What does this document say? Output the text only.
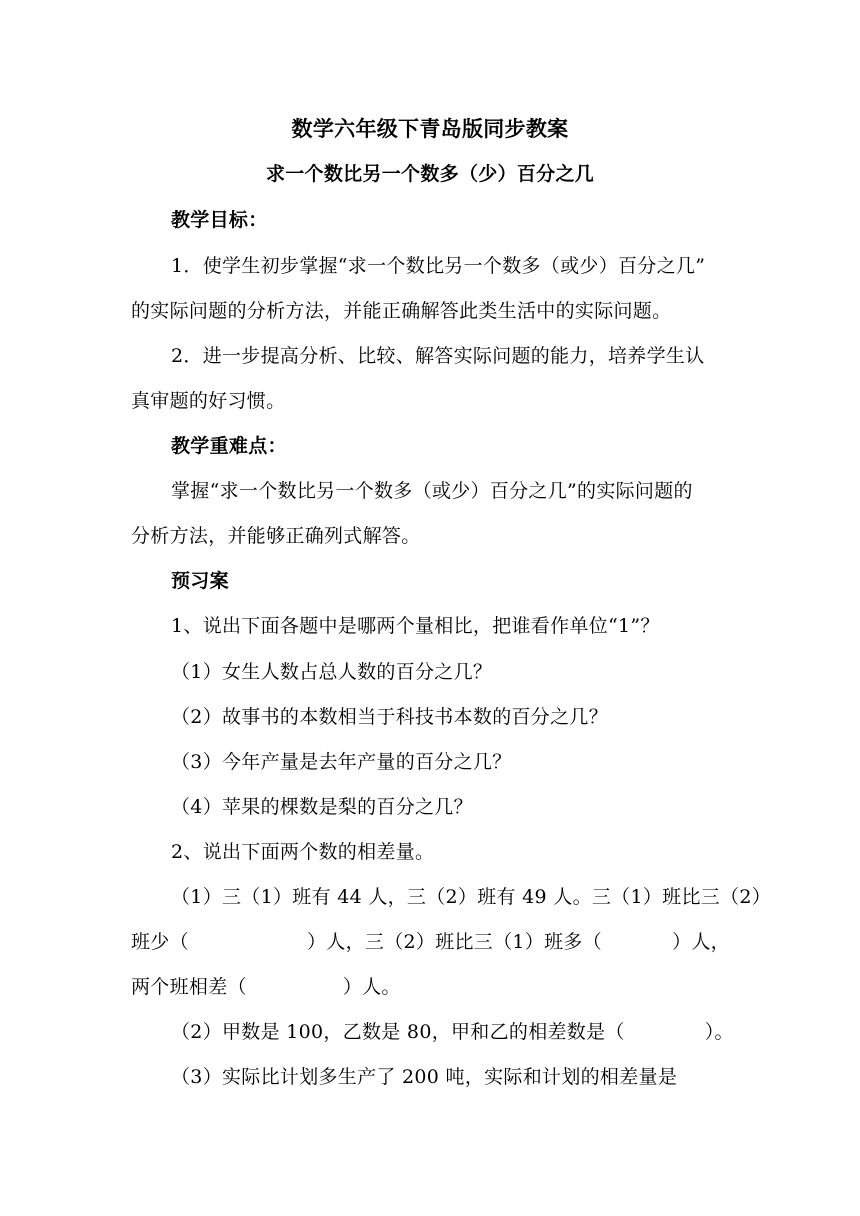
数学六年级下青岛版同步教案
求一个数比另一个数多（少）百分之几
教学目标：
1．使学生初步掌握“求一个数比另一个数多（或少）百分之几”
的实际问题的分析方法，并能正确解答此类生活中的实际问题。
2．进一步提高分析、比较、解答实际问题的能力，培养学生认
真审题的好习惯。
教学重难点：
掌握“求一个数比另一个数多（或少）百分之几”的实际问题的
分析方法，并能够正确列式解答。
预习案
1、说出下面各题中是哪两个量相比，把谁看作单位“1”？
（1）女生人数占总人数的百分之几？
（2）故事书的本数相当于科技书本数的百分之几？
（3）今年产量是去年产量的百分之几？
（4）苹果的棵数是梨的百分之几？
2、说出下面两个数的相差量。
（1）三（1）班有 44 人，三（2）班有 49 人。三（1）班比三（2）
班少（	）人，三（2）班比三（1）班多（	）人，
两个班相差（	）人。
（2）甲数是 100，乙数是 80，甲和乙的相差数是（	）。
（3）实际比计划多生产了 200 吨，实际和计划的相差量是
